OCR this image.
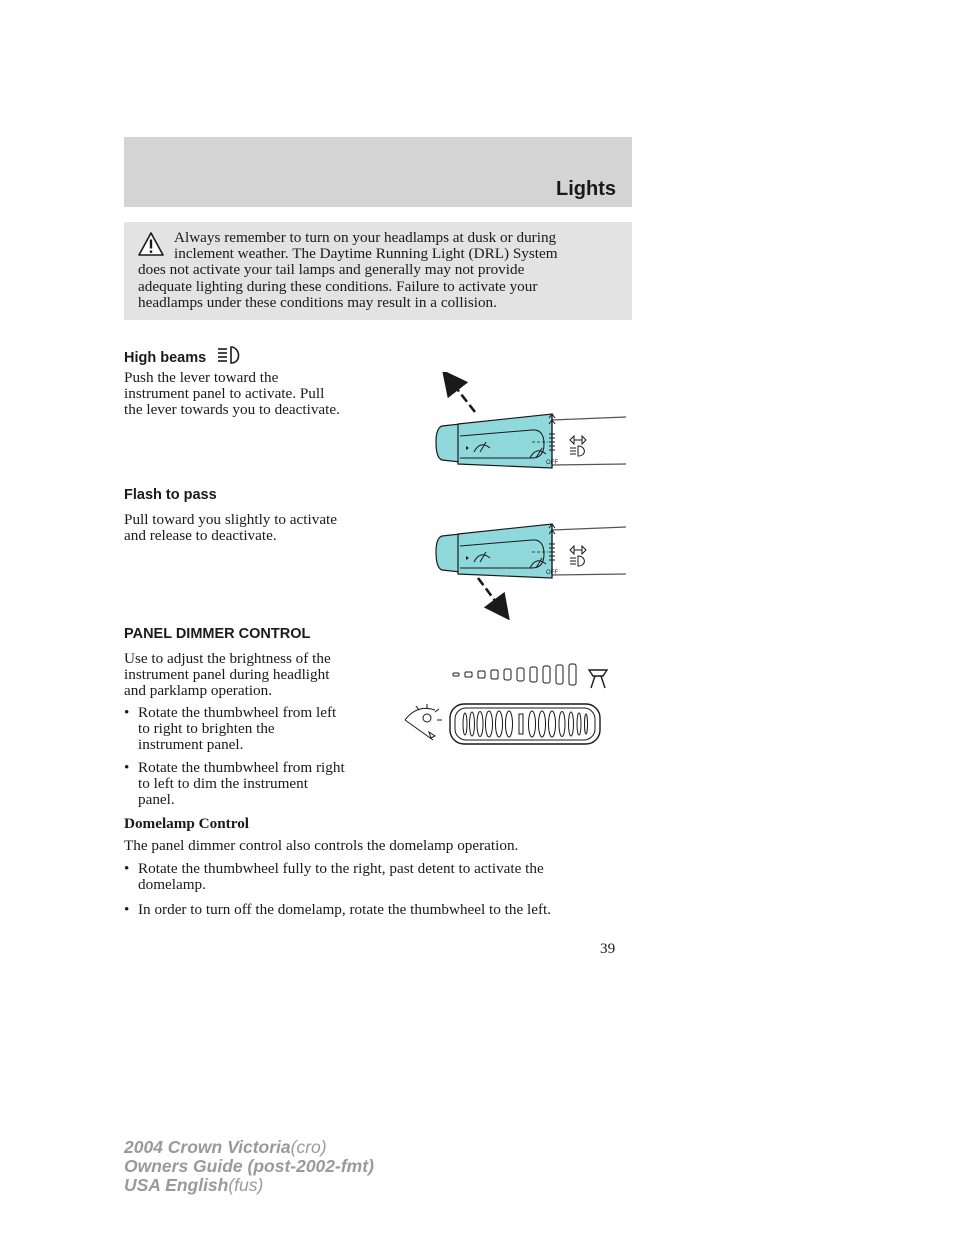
Lights
Always remember to turn on your headlamps at dusk or during
inclement weather. The Daytime Running Light (DRL) System
does not activate your tail lamps and generally may not provide
adequate lighting during these conditions. Failure to activate your
headlamps under these conditions may result in a collision.
High beams
Push the lever toward the
instrument panel to activate. Pull
the lever towards you to deactivate.
OFF
Flash to pass
Pull toward you slightly to activate
and release to deactivate.
OFF
PANEL DIMMER CONTROL
Use to adjust the brightness of the
instrument panel during headlight
and parklamp operation.
• Rotate the thumbwheel from left
to right to brighten the
instrument panel.
• Rotate the thumbwheel from right
to left to dim the instrument
panel.
Domelamp Control
The panel dimmer control also controls the domelamp operation.
• Rotate the thumbwheel fully to the right, past detent to activate the
domelamp.
• In order to turn off the domelamp, rotate the thumbwheel to the left.
39
2004 Crown Victoria(cro)
Owners Guide (post-2002-fmt)
USA English(fus)
